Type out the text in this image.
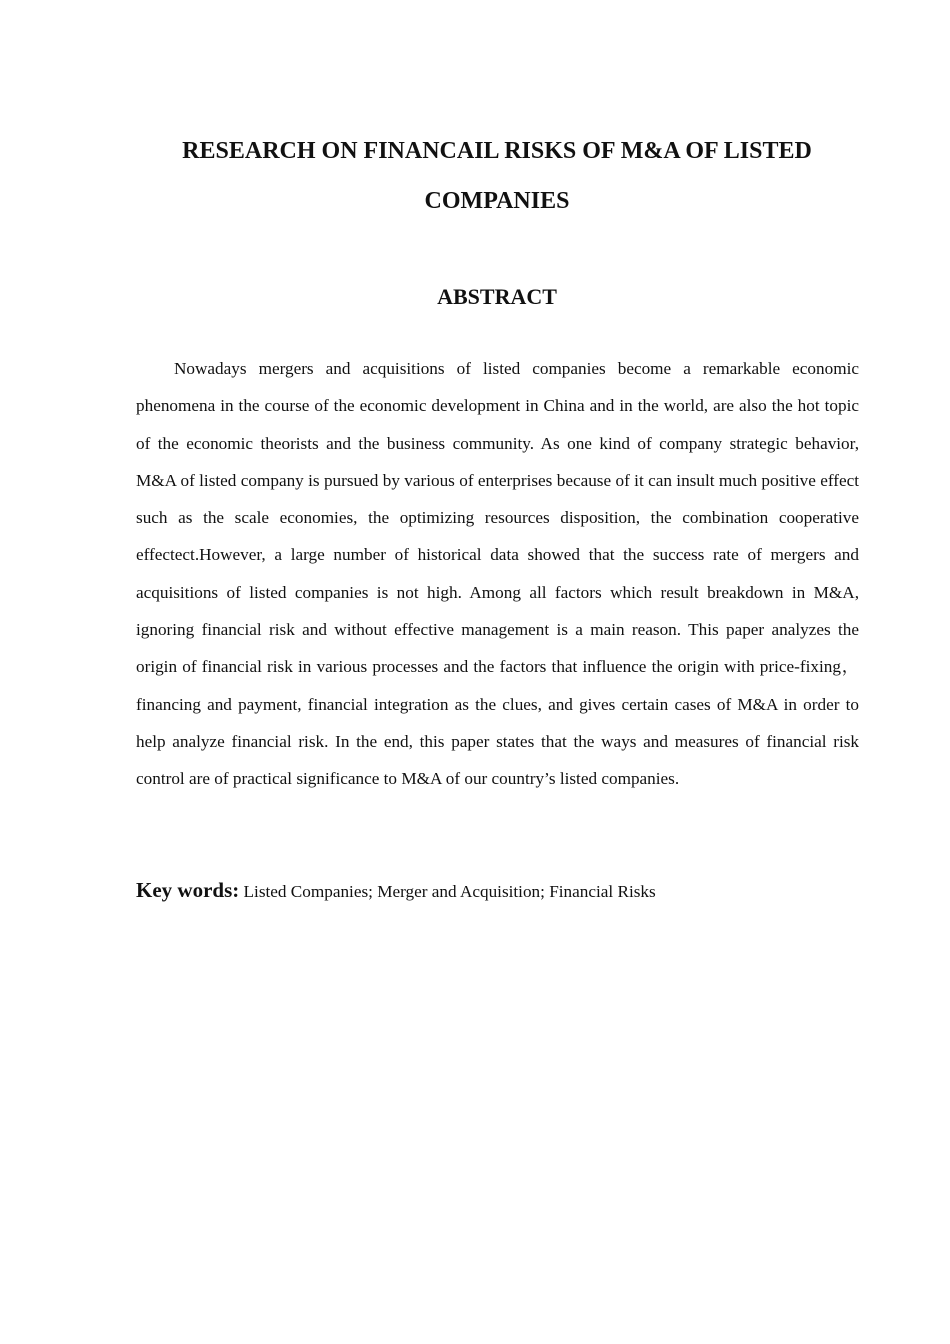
RESEARCH ON FINANCAIL RISKS OF M&A OF LISTED COMPANIES
ABSTRACT

Nowadays mergers and acquisitions of listed companies become a remarkable economic phenomena in the course of the economic development in China and in the world, are also the hot topic of the economic theorists and the business community. As one kind of company strategic behavior, M&A of listed company is pursued by various of enterprises because of it can insult much positive effect such as the scale economies, the optimizing resources disposition, the combination cooperative effectect.However, a large number of historical data showed that the success rate of mergers and acquisitions of listed companies is not high. Among all factors which result breakdown in M&A, ignoring financial risk and without effective management is a main reason. This paper analyzes the origin of financial risk in various processes and the factors that influence the origin with price-fixing，financing and payment, financial integration as the clues, and gives certain cases of M&A in order to help analyze financial risk. In the end, this paper states that the ways and measures of financial risk control are of practical significance to M&A of our country’s listed companies.

Key words: Listed Companies; Merger and Acquisition; Financial Risks
